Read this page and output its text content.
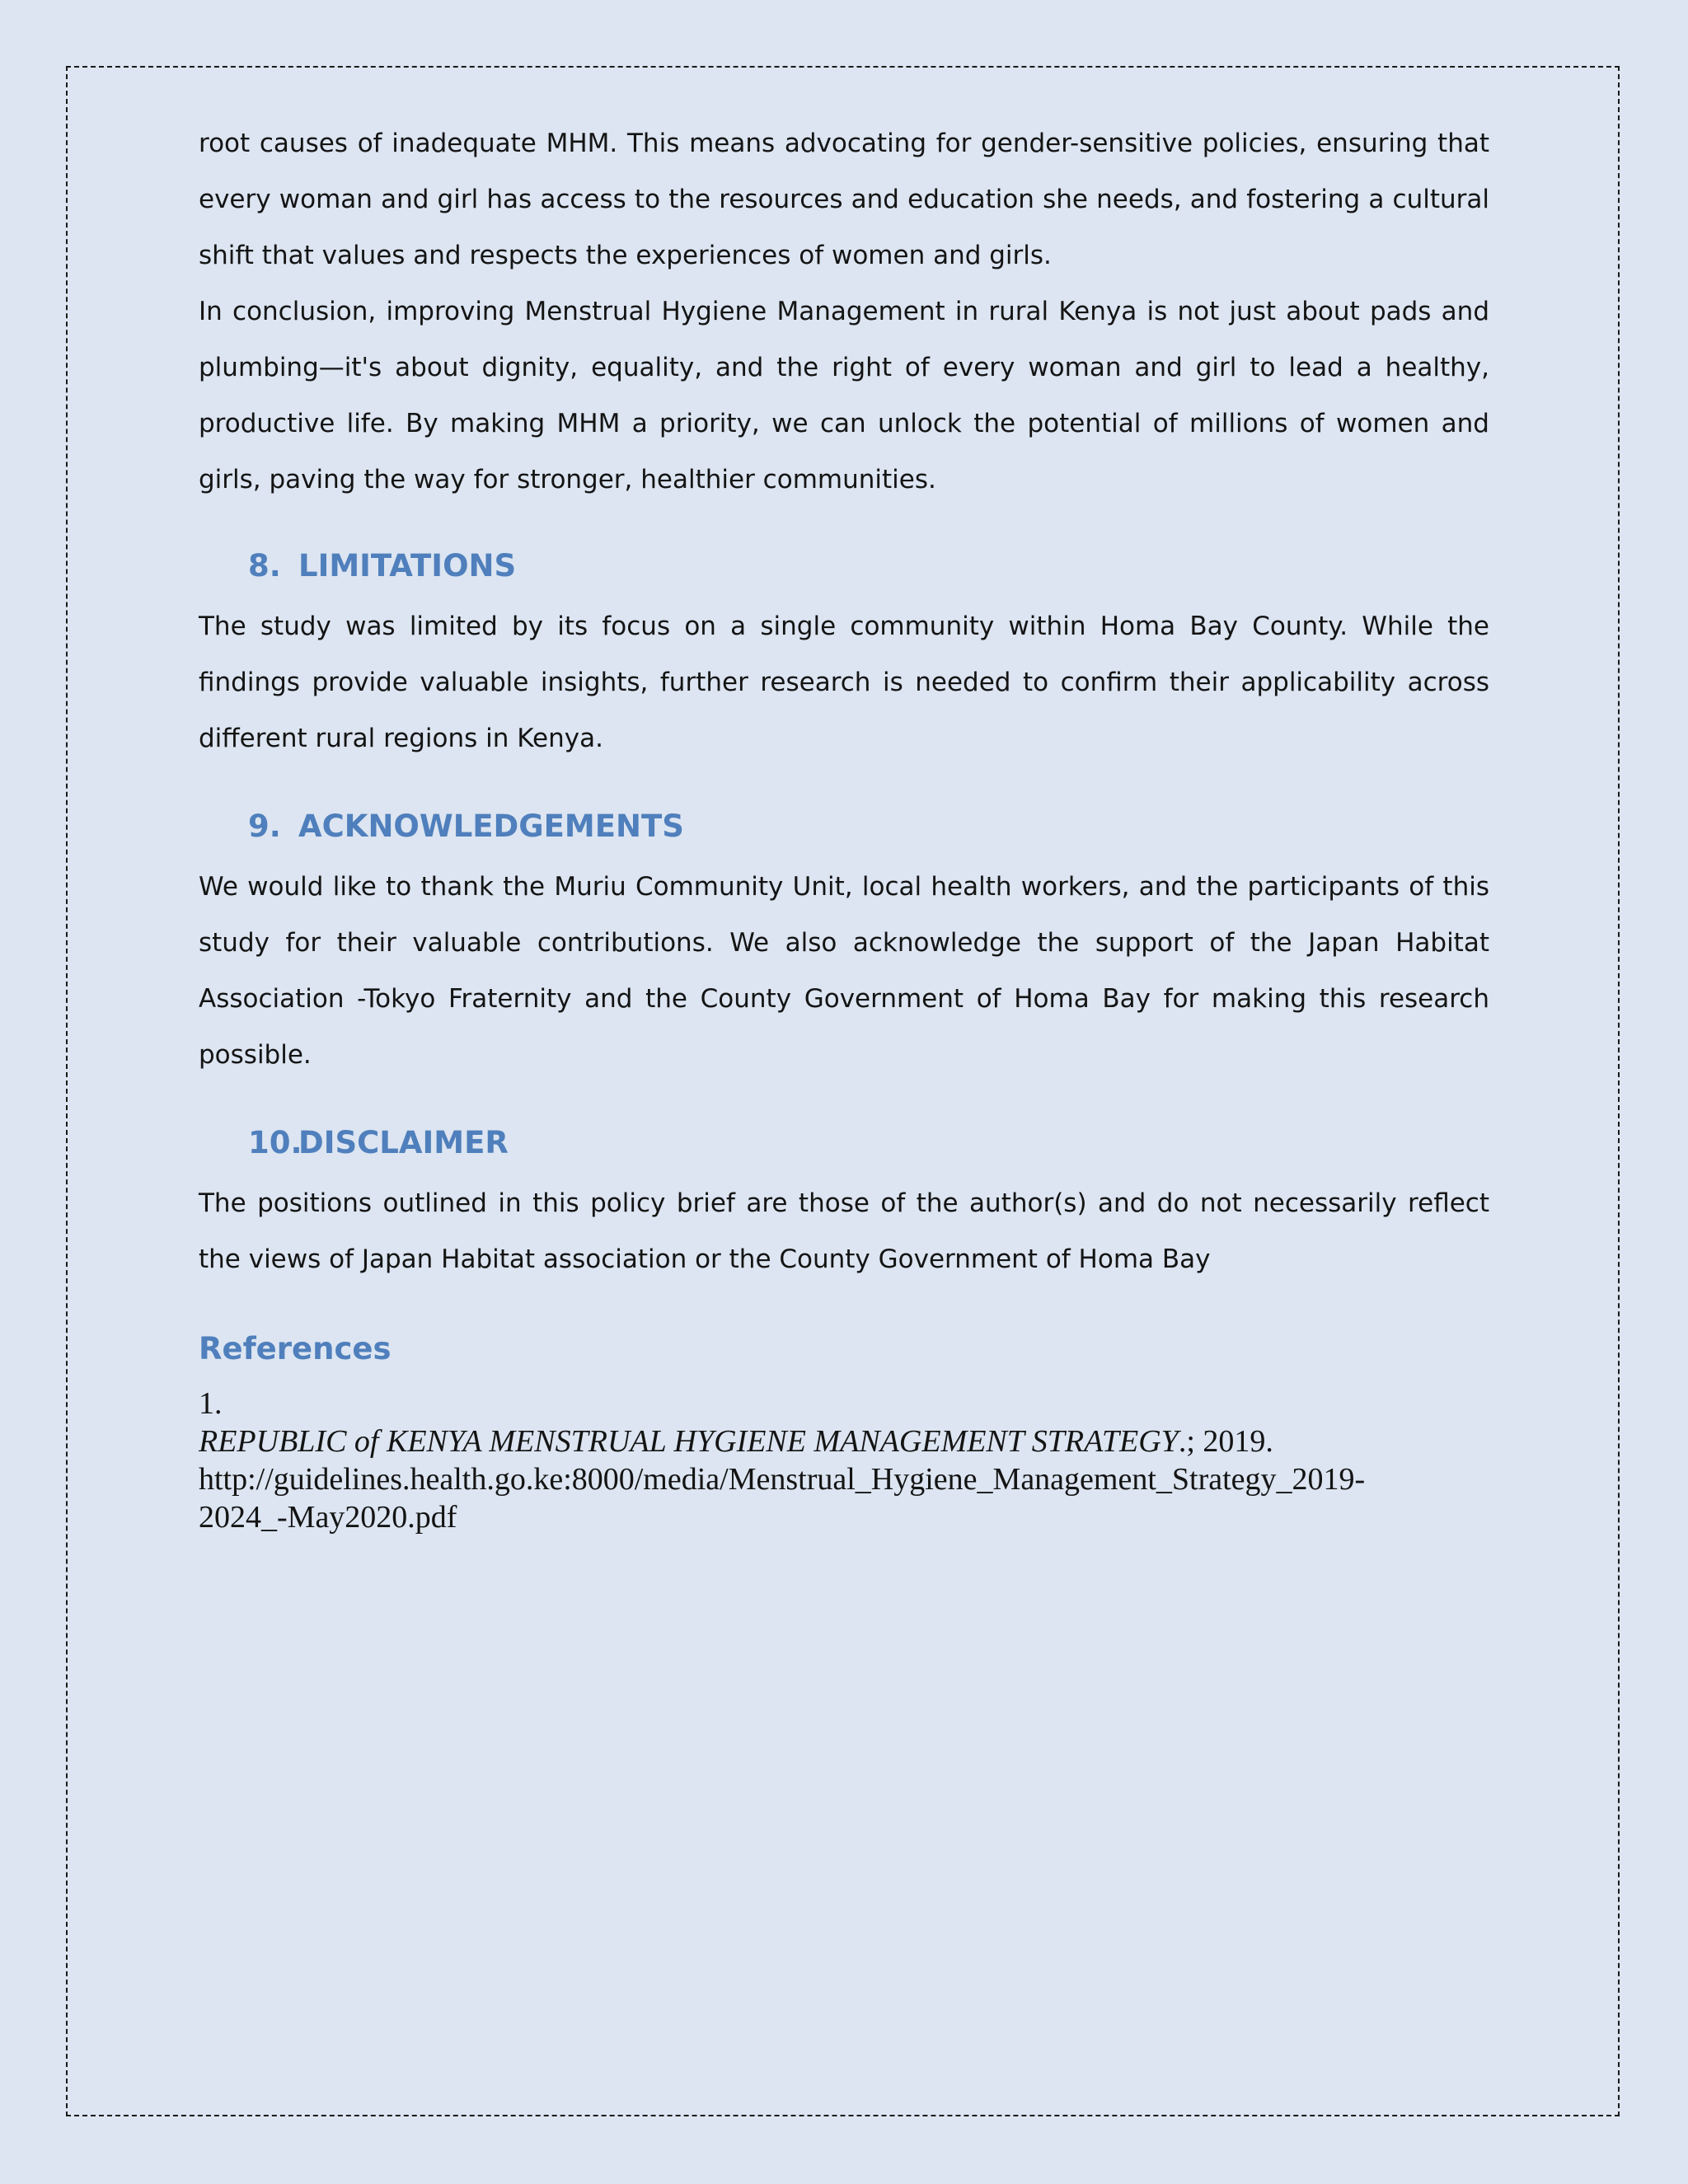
root causes of inadequate MHM. This means advocating for gender-sensitive policies, ensuring that every woman and girl has access to the resources and education she needs, and fostering a cultural shift that values and respects the experiences of women and girls.

In conclusion, improving Menstrual Hygiene Management in rural Kenya is not just about pads and plumbing—it's about dignity, equality, and the right of every woman and girl to lead a healthy, productive life. By making MHM a priority, we can unlock the potential of millions of women and girls, paving the way for stronger, healthier communities.

8. LIMITATIONS

The study was limited by its focus on a single community within Homa Bay County. While the findings provide valuable insights, further research is needed to confirm their applicability across different rural regions in Kenya.

9. ACKNOWLEDGEMENTS

We would like to thank the Muriu Community Unit, local health workers, and the participants of this study for their valuable contributions. We also acknowledge the support of the Japan Habitat Association -Tokyo Fraternity and the County Government of Homa Bay for making this research possible.

10.
DISCLAIMER

The positions outlined in this policy brief are those of the author(s) and do not necessarily reflect the views of Japan Habitat association or the County Government of Homa Bay

References
1.
REPUBLIC of KENYA MENSTRUAL HYGIENE MANAGEMENT STRATEGY.; 2019.
http://guidelines.health.go.ke:8000/media/Menstrual_Hygiene_Management_Strategy_2019-
2024_-May2020.pdf
